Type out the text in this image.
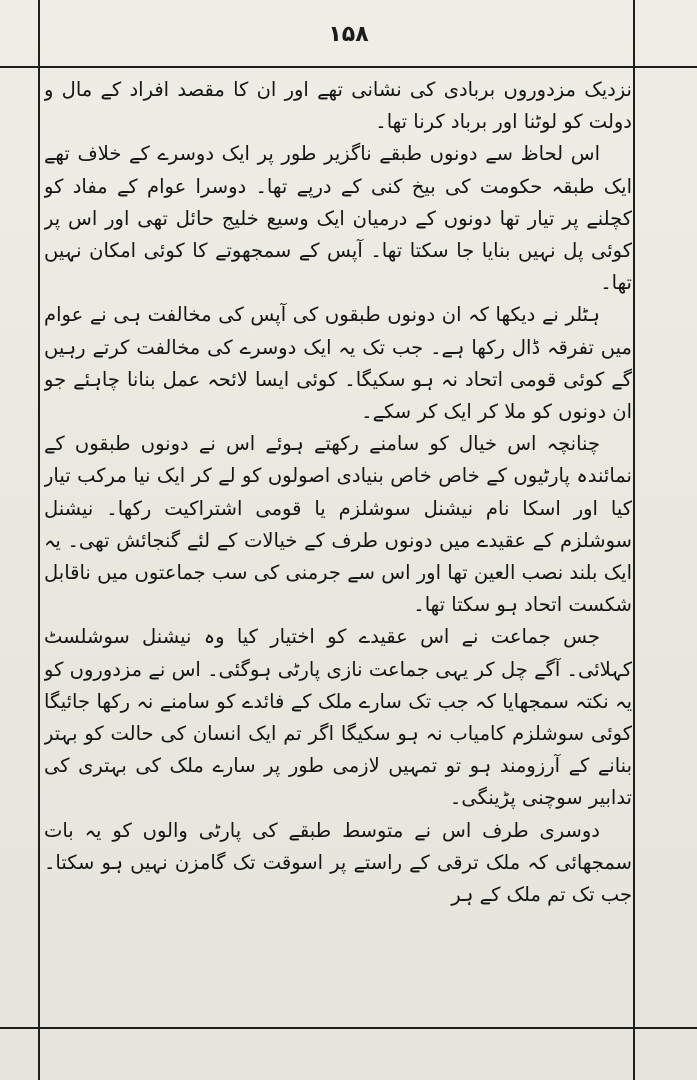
۱۵۸

نزدیک مزدوروں بربادی کی نشانی تھے اور ان کا مقصد افراد کے مال و دولت کو لوٹنا اور برباد کرنا تھا۔

اس لحاظ سے دونوں طبقے ناگزیر طور پر ایک دوسرے کے خلاف تھے ایک طبقہ حکومت کی بیخ کنی کے درپے تھا۔ دوسرا عوام کے مفاد کو کچلنے پر تیار تھا دونوں کے درمیان ایک وسیع خلیج حائل تھی اور اس پر کوئی پل نہیں بنایا جا سکتا تھا۔ آپس کے سمجھوتے کا کوئی امکان نہیں تھا۔

ہٹلر نے دیکھا کہ ان دونوں طبقوں کی آپس کی مخالفت ہی نے عوام میں تفرقہ ڈال رکھا ہے۔ جب تک یہ ایک دوسرے کی مخالفت کرتے رہیں گے کوئی قومی اتحاد نہ ہو سکیگا۔ کوئی ایسا لائحہ عمل بنانا چاہئے جو ان دونوں کو ملا کر ایک کر سکے۔

چنانچہ اس خیال کو سامنے رکھتے ہوئے اس نے دونوں طبقوں کے نمائندہ پارٹیوں کے خاص خاص بنیادی اصولوں کو لے کر ایک نیا مرکب تیار کیا اور اسکا نام نیشنل سوشلزم یا قومی اشتراکیت رکھا۔ نیشنل سوشلزم کے عقیدے میں دونوں طرف کے خیالات کے لئے گنجائش تھی۔ یہ ایک بلند نصب العین تھا اور اس سے جرمنی کی سب جماعتوں میں ناقابل شکست اتحاد ہو سکتا تھا۔

جس جماعت نے اس عقیدے کو اختیار کیا وہ نیشنل سوشلسٹ کہلائی۔ آگے چل کر یہی جماعت نازی پارٹی ہوگئی۔ اس نے مزدوروں کو یہ نکتہ سمجھایا کہ جب تک سارے ملک کے فائدے کو سامنے نہ رکھا جائیگا کوئی سوشلزم کامیاب نہ ہو سکیگا اگر تم ایک انسان کی حالت کو بہتر بنانے کے آرزومند ہو تو تمہیں لازمی طور پر سارے ملک کی بہتری کی تدابیر سوچنی پڑینگی۔

دوسری طرف اس نے متوسط طبقے کی پارٹی والوں کو یہ بات سمجھائی کہ ملک ترقی کے راستے پر اسوقت تک گامزن نہیں ہو سکتا۔ جب تک تم ملک کے ہر
